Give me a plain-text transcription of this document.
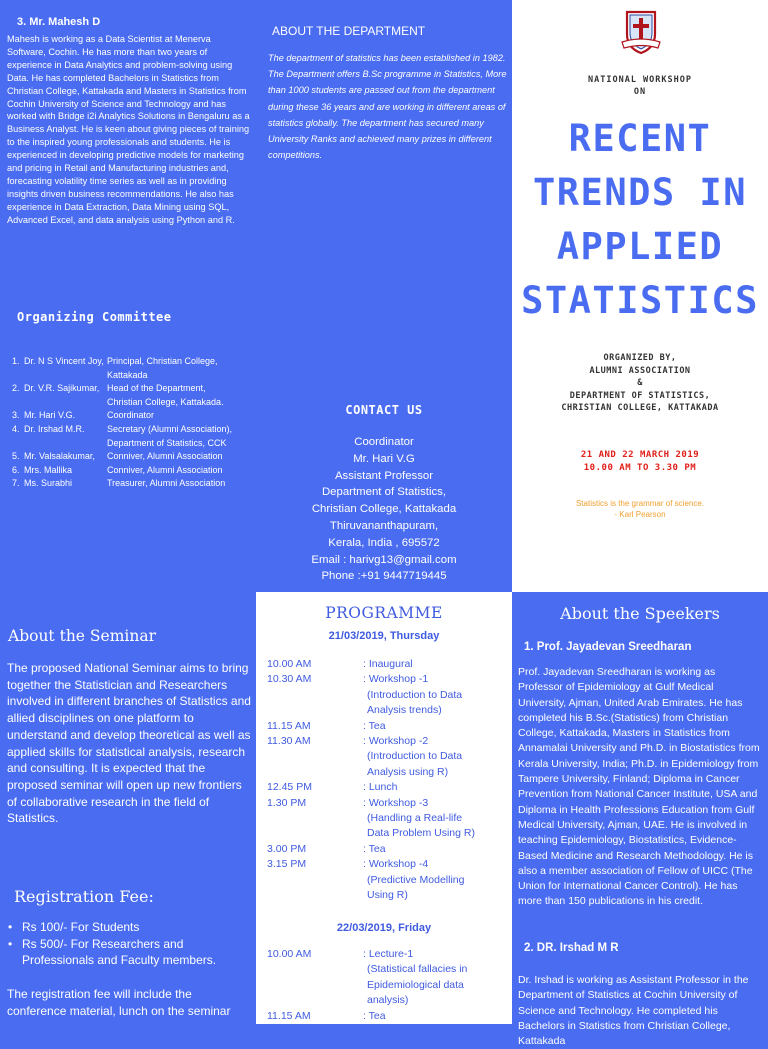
3. Mr. Mahesh D
Mahesh is working as a Data Scientist at Menerva Software, Cochin. He has more than two years of experience in Data Analytics and problem-solving using Data. He has completed Bachelors in Statistics from Christian College, Kattakada and Masters in Statistics from Cochin University of Science and Technology and has worked with Bridge i2i Analytics Solutions in Bengaluru as a Business Analyst. He is keen about giving pieces of training to the inspired young professionals and students. He is experienced in developing predictive models for marketing and pricing in Retail and Manufacturing industries and, forecasting volatility time series as well as in providing insights driven business recommendations. He also has experience in Data Extraction, Data Mining using SQL, Advanced Excel, and data analysis using Python and R.
Organizing Committee
1. Dr. N S Vincent Joy, Principal, Christian College,
Kattakada
2. Dr. V.R. Sajikumar, Head of the Department,
Christian College, Kattakada.
3. Mr. Hari V.G.	Coordinator
4. Dr. Irshad M.R. Secretary (Alumni Association),
Department of Statistics, CCK
5. Mr. Valsalakumar, Conniver, Alumni Association
6. Mrs. Mallika	Conniver, Alumni Association
7. Ms. Surabhi	Treasurer, Alumni Association
ABOUT THE DEPARTMENT
The department of statistics has been established in 1982. The Department offers B.Sc programme in Statistics, More than 1000 students are passed out from the department during these 36 years and are working in different areas of statistics globally. The department has secured many University Ranks and achieved many prizes in different competitions.
CONTACT US
Coordinator
Mr. Hari V.G
Assistant Professor
Department of Statistics,
Christian College, Kattakada
Thiruvananthapuram,
Kerala, India , 695572
Email : harivg13@gmail.com
Phone :+91 9447719445
NATIONAL WORKSHOP
ON
RECENT
TRENDS IN
APPLIED
STATISTICS
ORGANIZED BY,
ALUMNI ASSOCIATION
&
DEPARTMENT OF STATISTICS,
CHRISTIAN COLLEGE, KATTAKADA
21 AND 22 MARCH 2019
10.00 AM TO 3.30 PM
Statistics is the grammar of science.
- Karl Pearson
About the Seminar
The proposed National Seminar aims to bring together the Statistician and Researchers involved in different branches of Statistics and allied disciplines on one platform to understand and develop theoretical as well as applied skills for statistical analysis, research and consulting. It is expected that the proposed seminar will open up new frontiers of collaborative research in the field of Statistics.
Registration Fee:
• Rs 100/- For Students
• Rs 500/- For Researchers and Professionals and Faculty members.
The registration fee will include the conference material, lunch on the seminar
PROGRAMME
21/03/2019, Thursday
10.00 AM	: Inaugural
10.30 AM	: Workshop -1
(Introduction to Data
Analysis trends)
11.15 AM	: Tea
11.30 AM	: Workshop -2
(Introduction to Data
Analysis using R)
12.45 PM	: Lunch
1.30 PM	: Workshop -3
(Handling a Real-life
Data Problem Using R)
3.00 PM	: Tea
3.15 PM	: Workshop -4
(Predictive Modelling
Using R)
22/03/2019, Friday
10.00 AM	: Lecture-1
(Statistical fallacies in
Epidemiological data
analysis)
11.15 AM	: Tea
About the Speekers
1. Prof. Jayadevan Sreedharan
Prof. Jayadevan Sreedharan is working as Professor of Epidemiology at Gulf Medical University, Ajman, United Arab Emirates. He has completed his B.Sc.(Statistics) from Christian College, Kattakada, Masters in Statistics from Annamalai University and Ph.D. in Biostatistics from Kerala University, India; Ph.D. in Epidemiology from Tampere University, Finland; Diploma in Cancer Prevention from National Cancer Institute, USA and Diploma in Health Professions Education from Gulf Medical University, Ajman, UAE. He is involved in teaching Epidemiology, Biostatistics, Evidence-Based Medicine and Research Methodology. He is also a member association of Fellow of UICC (The Union for International Cancer Control). He has more than 150 publications in his credit.
2. DR. Irshad M R
Dr. Irshad is working as Assistant Professor in the Department of Statistics at Cochin University of Science and Technology. He completed his Bachelors in Statistics from Christian College, Kattakada
